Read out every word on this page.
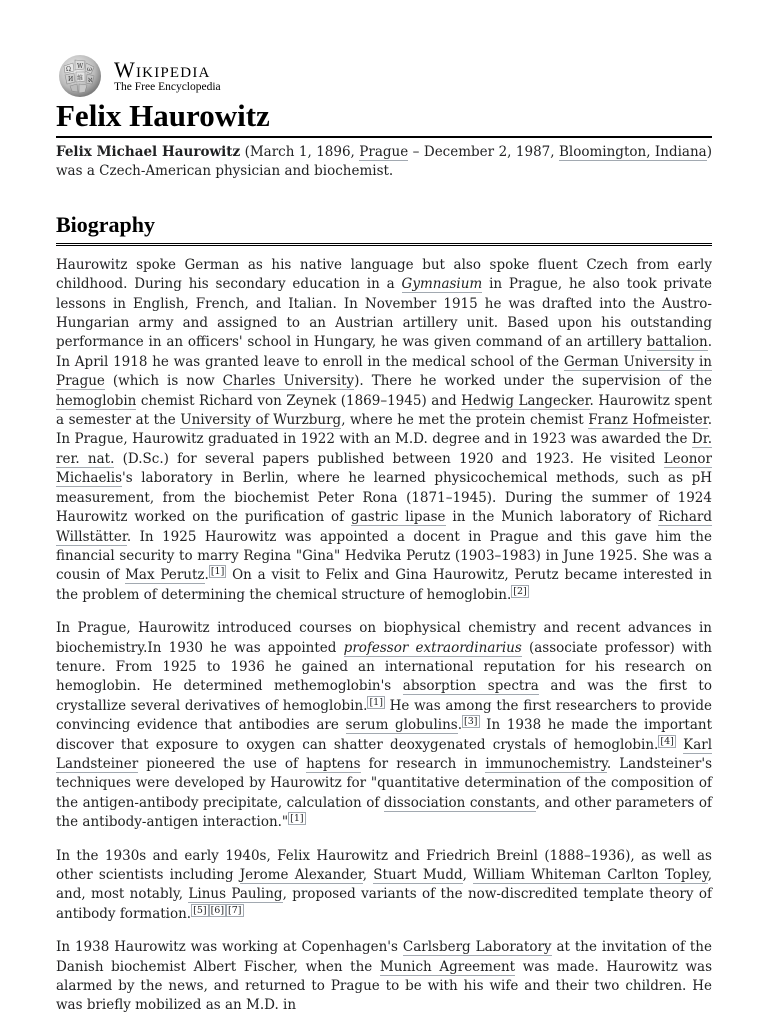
Ω W ω
И 維 ℵ Wikipedia
The Free Encyclopedia
Felix Haurowitz

Felix Michael Haurowitz (March 1, 1896, Prague – December 2, 1987, Bloomington, Indiana) was a Czech-American physician and biochemist.

Biography

Haurowitz spoke German as his native language but also spoke fluent Czech from early childhood. During his secondary education in a Gymnasium in Prague, he also took private lessons in English, French, and Italian. In November 1915 he was drafted into the Austro-Hungarian army and assigned to an Austrian artillery unit. Based upon his outstanding performance in an officers' school in Hungary, he was given command of an artillery battalion. In April 1918 he was granted leave to enroll in the medical school of the German University in Prague (which is now Charles University). There he worked under the supervision of the hemoglobin chemist Richard von Zeynek (1869–1945) and Hedwig Langecker. Haurowitz spent a semester at the University of Wurzburg, where he met the protein chemist Franz Hofmeister. In Prague, Haurowitz graduated in 1922 with an M.D. degree and in 1923 was awarded the Dr. rer. nat. (D.Sc.) for several papers published between 1920 and 1923. He visited Leonor Michaelis's laboratory in Berlin, where he learned physicochemical methods, such as pH measurement, from the biochemist Peter Rona (1871–1945). During the summer of 1924 Haurowitz worked on the purification of gastric lipase in the Munich laboratory of Richard Willstätter. In 1925 Haurowitz was appointed a docent in Prague and this gave him the financial security to marry Regina "Gina" Hedvika Perutz (1903–1983) in June 1925. She was a cousin of Max Perutz. [1] On a visit to Felix and Gina Haurowitz, Perutz became interested in the problem of determining the chemical structure of hemoglobin. [2]

In Prague, Haurowitz introduced courses on biophysical chemistry and recent advances in biochemistry.In 1930 he was appointed professor extraordinarius (associate professor) with tenure. From 1925 to 1936 he gained an international reputation for his research on hemoglobin. He determined methemoglobin's absorption spectra and was the first to crystallize several derivatives of hemoglobin. [1] He was among the first researchers to provide convincing evidence that antibodies are serum globulins. [3] In 1938 he made the important discover that exposure to oxygen can shatter deoxygenated crystals of hemoglobin. [4] Karl Landsteiner pioneered the use of haptens for research in immunochemistry. Landsteiner's techniques were developed by Haurowitz for "quantitative determination of the composition of the antigen-antibody precipitate, calculation of dissociation constants, and other parameters of the antibody-antigen interaction." [1]

In the 1930s and early 1940s, Felix Haurowitz and Friedrich Breinl (1888–1936), as well as other scientists including Jerome Alexander, Stuart Mudd, William Whiteman Carlton Topley, and, most notably, Linus Pauling, proposed variants of the now-discredited template theory of antibody formation. [5] [6] [7]

In 1938 Haurowitz was working at Copenhagen's Carlsberg Laboratory at the invitation of the Danish biochemist Albert Fischer, when the Munich Agreement was made. Haurowitz was alarmed by the news, and returned to Prague to be with his wife and their two children. He was briefly mobilized as an M.D. in
